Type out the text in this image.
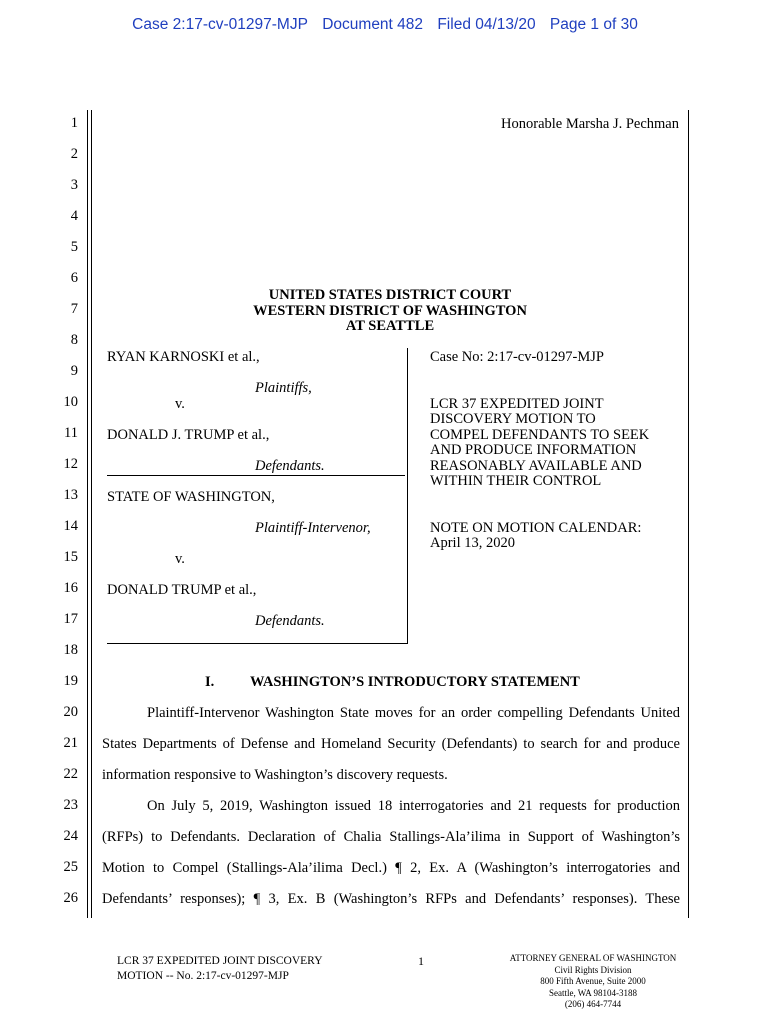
Case 2:17-cv-01297-MJP Document 482 Filed 04/13/20 Page 1 of 30
1
2
3
4
5
6
7
8
9
10
11
12
13
14
15
16
17
18
19
20
21
22
23
24
25
26
Honorable Marsha J. Pechman
UNITED STATES DISTRICT COURT
WESTERN DISTRICT OF WASHINGTON
AT SEATTLE
RYAN KARNOSKI et al.,
Plaintiffs,
v.
DONALD J. TRUMP et al.,
Defendants.
STATE OF WASHINGTON,
Plaintiff-Intervenor,
v.
DONALD TRUMP et al.,
Defendants.
Case No: 2:17-cv-01297-MJP
LCR 37 EXPEDITED JOINT
DISCOVERY MOTION TO
COMPEL DEFENDANTS TO SEEK
AND PRODUCE INFORMATION
REASONABLY AVAILABLE AND
WITHIN THEIR CONTROL
NOTE ON MOTION CALENDAR:
April 13, 2020
I. WASHINGTON’S INTRODUCTORY STATEMENT
Plaintiff-Intervenor Washington State moves for an order compelling Defendants United
States Departments of Defense and Homeland Security (Defendants) to search for and produce
information responsive to Washington’s discovery requests.
On July 5, 2019, Washington issued 18 interrogatories and 21 requests for production
(RFPs) to Defendants. Declaration of Chalia Stallings-Ala’ilima in Support of Washington’s
Motion to Compel (Stallings-Ala’ilima Decl.) ¶ 2, Ex. A (Washington’s interrogatories and
Defendants’ responses); ¶ 3, Ex. B (Washington’s RFPs and Defendants’ responses). These
LCR 37 EXPEDITED JOINT DISCOVERY
MOTION -- No. 2:17-cv-01297-MJP
1	ATTORNEY GENERAL OF WASHINGTON
Civil Rights Division
800 Fifth Avenue, Suite 2000
Seattle, WA 98104-3188
(206) 464-7744
